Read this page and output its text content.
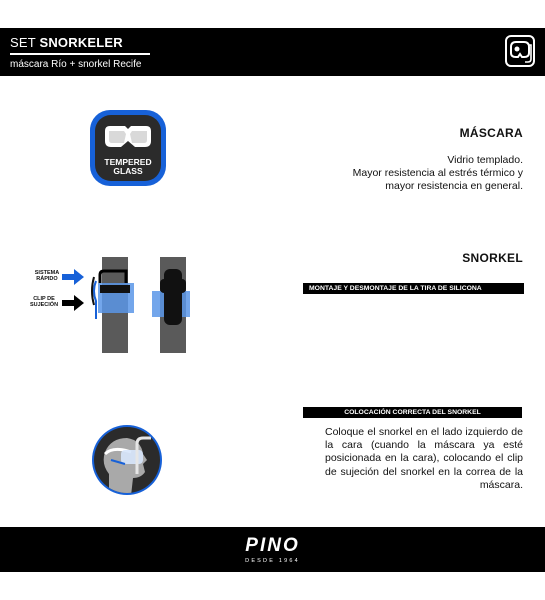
SET SNORKELER
máscara Río + snorkel Recife
TEMPERED
GLASS
MÁSCARA
Vidrio templado.
Mayor resistencia al estrés térmico y
mayor resistencia en general.
SNORKEL
MONTAJE Y DESMONTAJE DE LA TIRA DE SILICONA
SISTEMA
RÁPIDO
CLIP DE
SUJECIÓN
COLOCACIÓN CORRECTA DEL SNORKEL
Coloque el snorkel en el lado izquierdo de la cara (cuando la máscara ya esté posicionada en la cara), colocando el clip de sujeción del snorkel en la correa de la máscara.
PINO
DESDE 1964
